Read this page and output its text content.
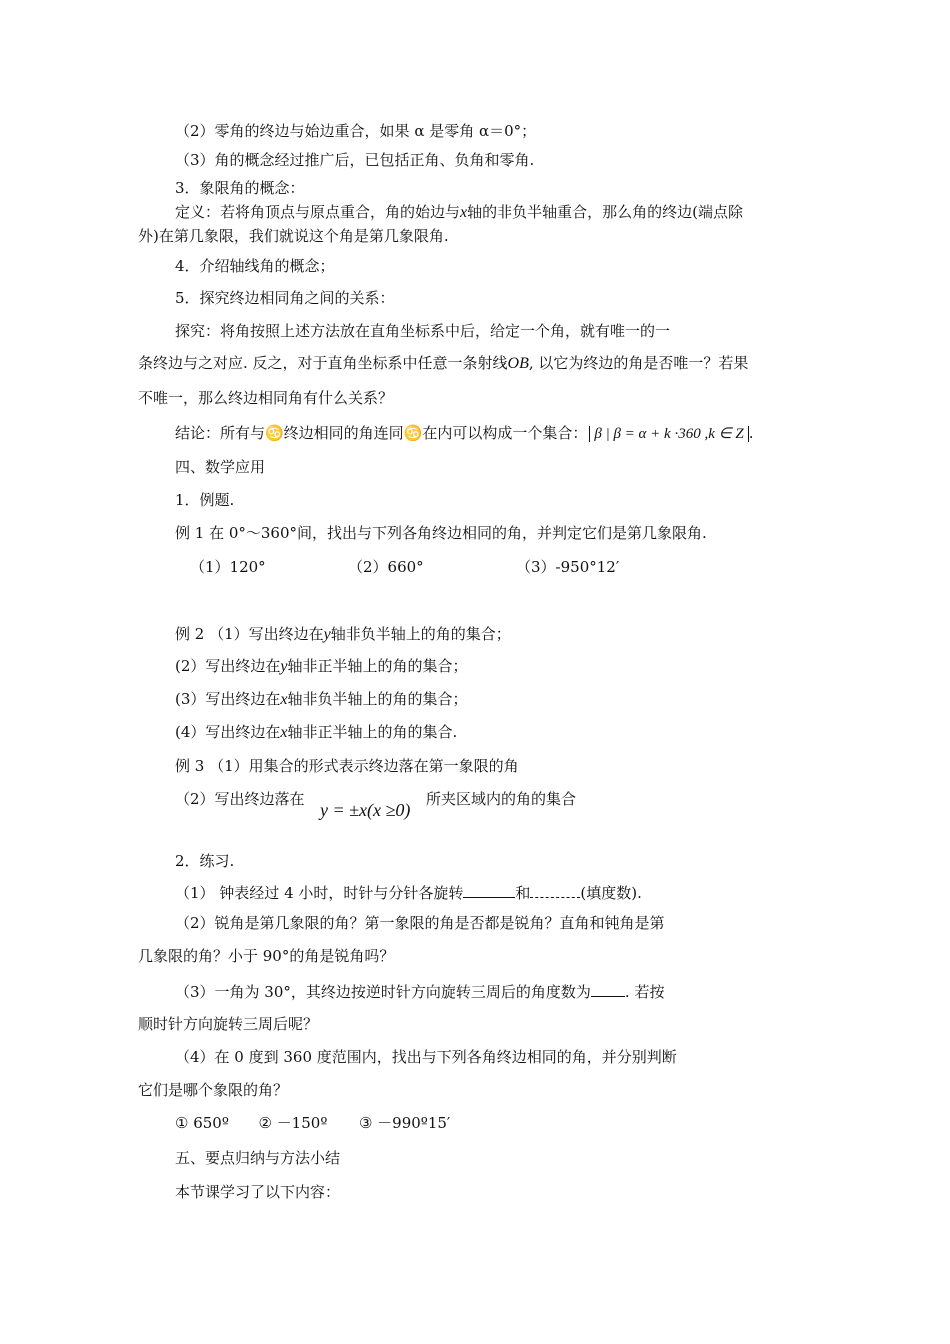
（2）零角的终边与始边重合，如果 α 是零角 α＝0°；
（3）角的概念经过推广后，已包括正角、负角和零角.
3．象限角的概念：
定义：若将角顶点与原点重合，角的始边与x轴的非负半轴重合，那么角的终边(端点除
外)在第几象限，我们就说这个角是第几象限角.
4．介绍轴线角的概念；
5．探究终边相同角之间的关系：
探究：将角按照上述方法放在直角坐标系中后，给定一个角，就有唯一的一
条终边与之对应. 反之，对于直角坐标系中任意一条射线OB, 以它为终边的角是否唯一？若果
不唯一，那么终边相同角有什么关系？
结论：所有与♋终边相同的角连同♋在内可以构成一个集合： β | β = α + k ·360 ,k ∈ Z .
四、数学应用
1．例题.
例 1 在 0°～360°间，找出与下列各角终边相同的角，并判定它们是第几象限角.
（1）120°	（2）660°	（3）-950°12′
例 2 （1）写出终边在y轴非负半轴上的角的集合；
(2）写出终边在y轴非正半轴上的角的集合；
(3）写出终边在x轴非负半轴上的角的集合；
(4）写出终边在x轴非正半轴上的角的集合.
例 3 （1）用集合的形式表示终边落在第一象限的角
（2）写出终边落在
y = ±x(x ≥0)
所夹区域内的角的集合
2．练习.
（1） 钟表经过 4 小时，时针与分针各旋转	和	(填度数).
（2）锐角是第几象限的角？第一象限的角是否都是锐角？直角和钝角是第
几象限的角？小于 90°的角是锐角吗？
（3）一角为 30°，其终边按逆时针方向旋转三周后的角度数为 . 若按
顺时针方向旋转三周后呢？
（4）在 0 度到 360 度范围内，找出与下列各角终边相同的角，并分别判断
它们是哪个象限的角？
① 650º ② －150º ③ －990º15′
五、要点归纳与方法小结
本节课学习了以下内容：
